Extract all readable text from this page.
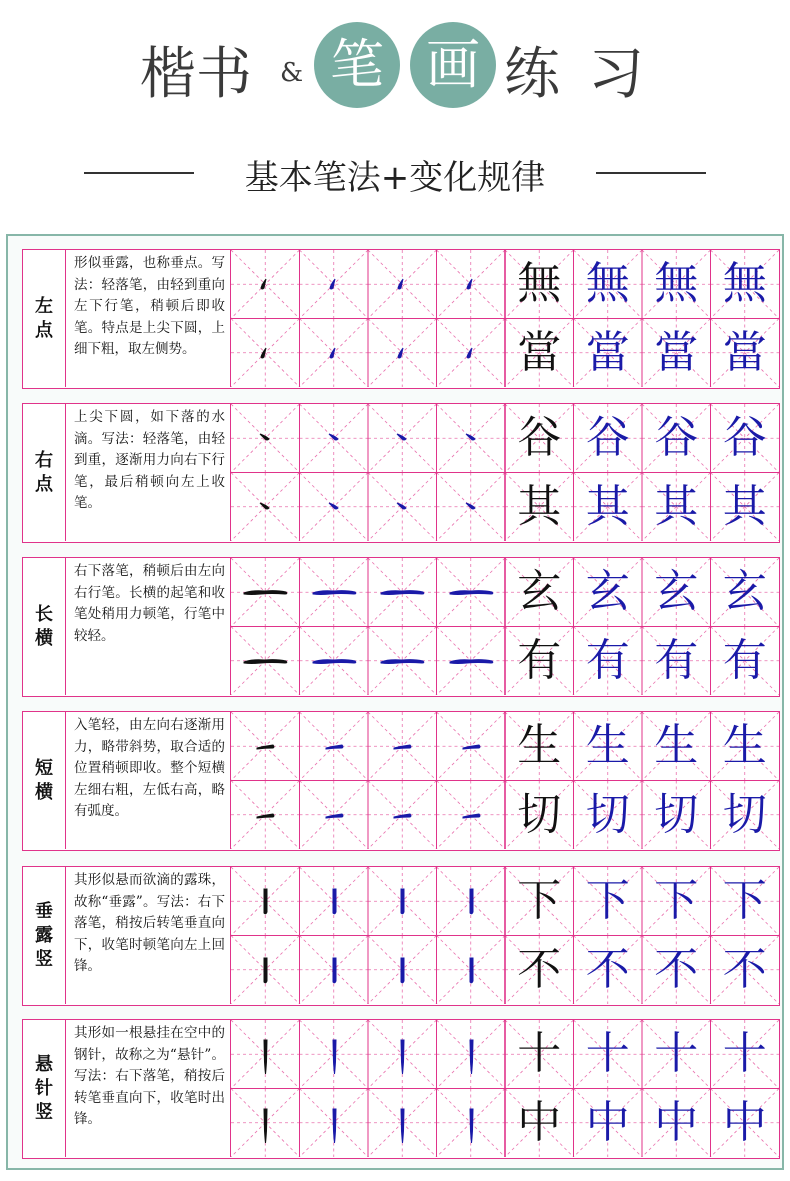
楷书 & 笔 画 练 习
基本笔法+变化规律
左
点
形似垂露，也称垂点。写法：轻落笔，由轻到重向左下行笔，稍顿后即收笔。特点是上尖下圆，上细下粗，取左侧势。
無 無 無 無
當 當 當 當
右
点
上尖下圆，如下落的水滴。写法：轻落笔，由轻到重，逐渐用力向右下行笔，最后稍顿向左上收笔。
谷 谷 谷 谷
其 其 其 其
长
横
右下落笔，稍顿后由左向右行笔。长横的起笔和收笔处稍用力顿笔，行笔中较轻。
玄 玄 玄 玄
有 有 有 有
短
横
入笔轻，由左向右逐渐用力，略带斜势，取合适的位置稍顿即收。整个短横左细右粗，左低右高，略有弧度。
生 生 生 生
切 切 切 切
垂
露
竖
其形似悬而欲滴的露珠，故称“垂露”。写法：右下落笔，稍按后转笔垂直向下，收笔时顿笔向左上回锋。
下 下 下 下
不 不 不 不
悬
针
竖
其形如一根悬挂在空中的钢针，故称之为“悬针”。写法：右下落笔，稍按后转笔垂直向下，收笔时出锋。
十 十 十 十
中 中 中 中
